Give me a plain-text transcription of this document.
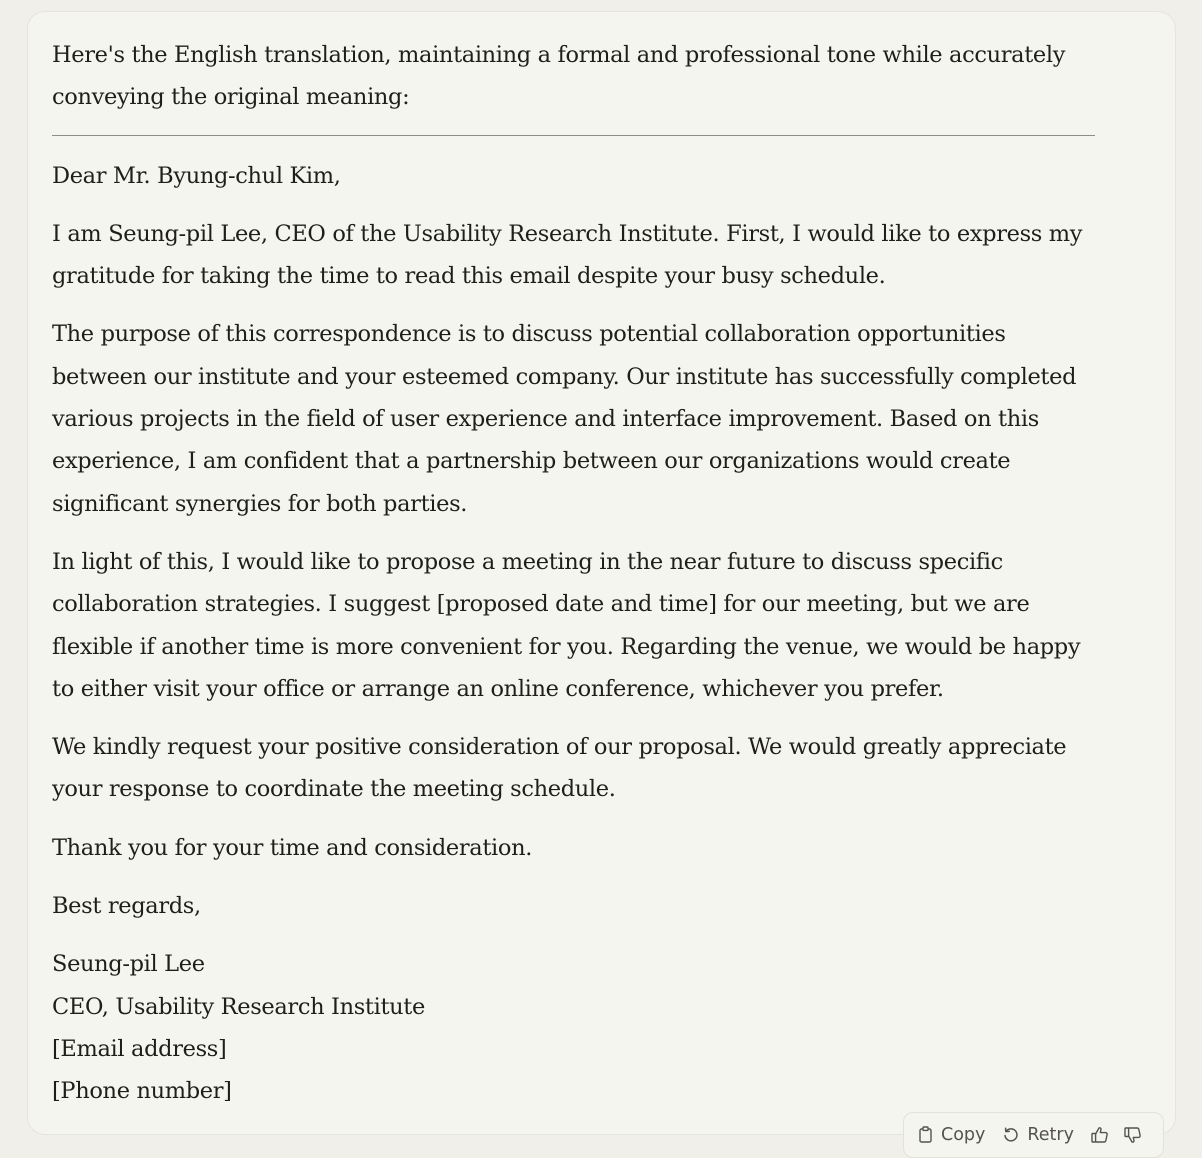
Here's the English translation, maintaining a formal and professional tone while accurately conveying the original meaning:

Dear Mr. Byung-chul Kim,

I am Seung-pil Lee, CEO of the Usability Research Institute. First, I would like to express my gratitude for taking the time to read this email despite your busy schedule.

The purpose of this correspondence is to discuss potential collaboration opportunities between our institute and your esteemed company. Our institute has successfully completed various projects in the field of user experience and interface improvement. Based on this experience, I am confident that a partnership between our organizations would create significant synergies for both parties.

In light of this, I would like to propose a meeting in the near future to discuss specific collaboration strategies. I suggest [proposed date and time] for our meeting, but we are flexible if another time is more convenient for you. Regarding the venue, we would be happy to either visit your office or arrange an online conference, whichever you prefer.

We kindly request your positive consideration of our proposal. We would greatly appreciate your response to coordinate the meeting schedule.

Thank you for your time and consideration.

Best regards,

Seung-pil Lee

CEO, Usability Research Institute

[Email address]

[Phone number]

Copy Retry
